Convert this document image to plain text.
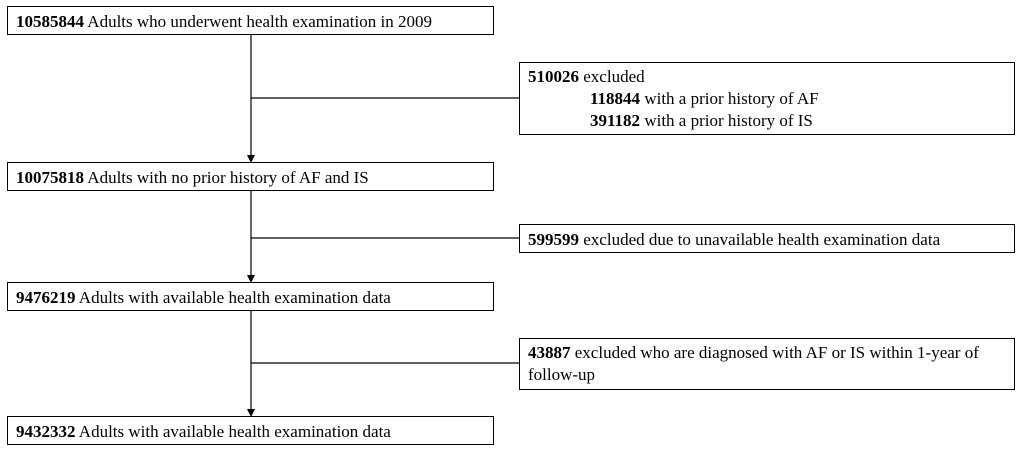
10585844 Adults who underwent health examination in 2009
510026 excluded
118844 with a prior history of AF
391182 with a prior history of IS
10075818 Adults with no prior history of AF and IS
599599 excluded due to unavailable health examination data
9476219 Adults with available health examination data
43887 excluded who are diagnosed with AF or IS within 1-year of follow-up
9432332 Adults with available health examination data
